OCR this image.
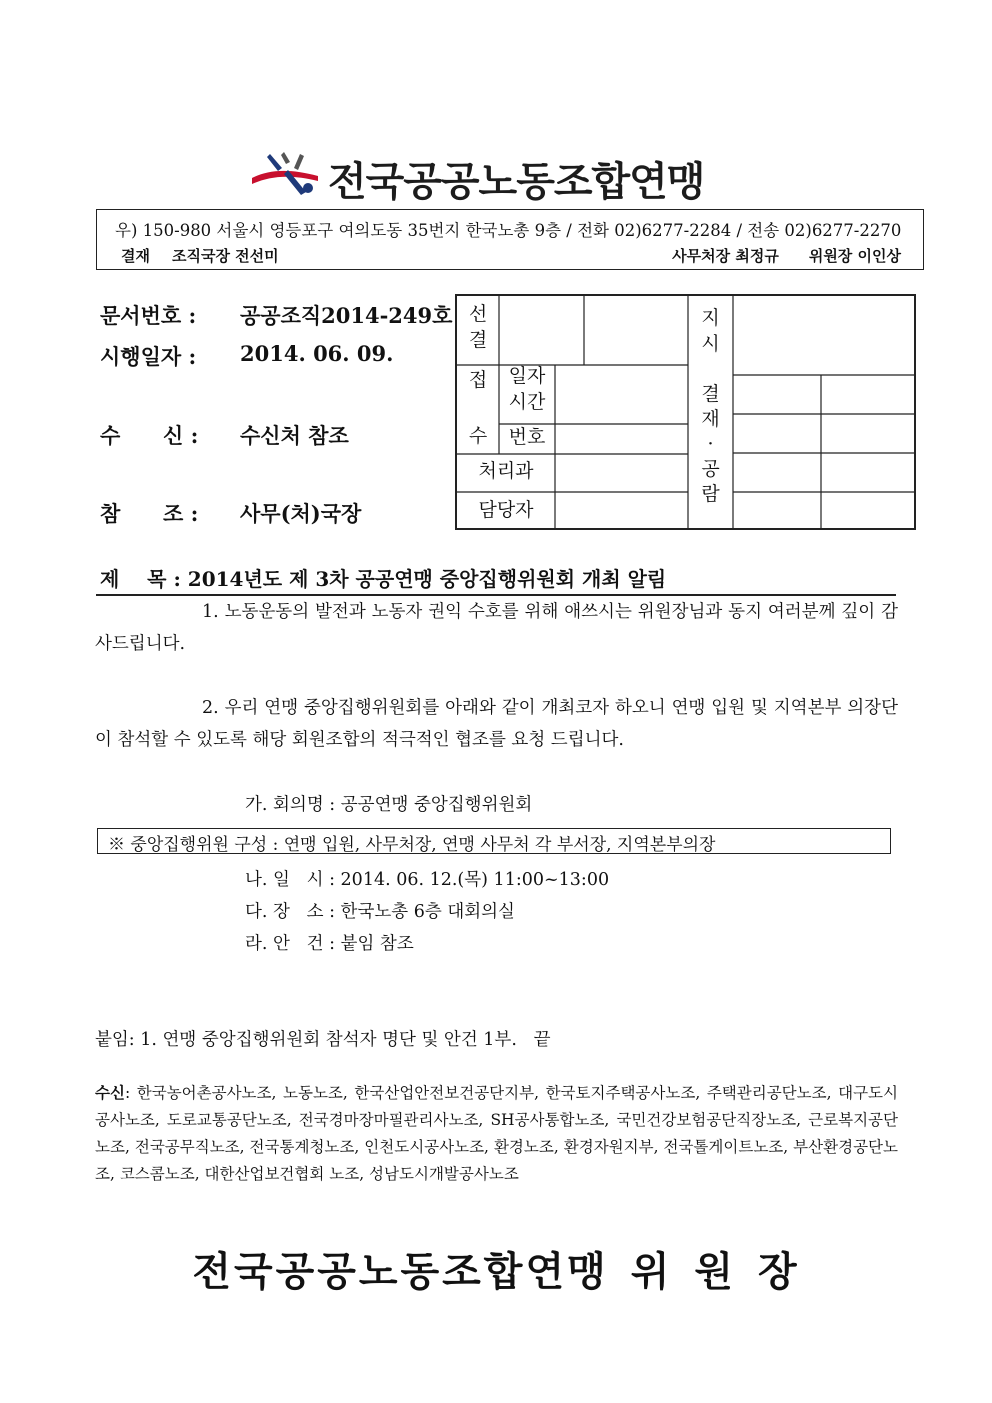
전국공공노동조합연맹
우) 150-980 서울시 영등포구 여의도동 35번지 한국노총 9층 / 전화 02)6277-2284 / 전송 02)6277-2270
결재 조직국장 전선미	사무처장 최정규 위원장 이인상
문서번호 : 공공조직2014-249호
시행일자 : 2014. 06. 09.
수 신 : 수신처 참조
참 조 : 사무(처)국장
선
결
접
수
일자
시간
번호
처리과
담당자
지
시
결
재
·
공
람
제    목 : 2014년도 제 3차 공공연맹 중앙집행위원회 개최 알림
1. 노동운동의 발전과 노동자 권익 수호를 위해 애쓰시는 위원장님과 동지 여러분께 깊이 감사드립니다.
2. 우리 연맹 중앙집행위원회를 아래와 같이 개최코자 하오니 연맹 입원 및 지역본부 의장단이 참석할 수 있도록 해당 회원조합의 적극적인 협조를 요청 드립니다.
가. 회의명 : 공공연맹 중앙집행위원회
※ 중앙집행위원 구성 : 연맹 입원, 사무처장, 연맹 사무처 각 부서장, 지역본부의장
나. 일   시 : 2014. 06. 12.(목) 11:00~13:00
다. 장   소 : 한국노총 6층 대회의실
라. 안   건 : 붙임 참조
붙임: 1. 연맹 중앙집행위원회 참석자 명단 및 안건 1부.   끝
수신: 한국농어촌공사노조, 노동노조, 한국산업안전보건공단지부, 한국토지주택공사노조, 주택관리공단노조, 대구도시공사노조, 도로교통공단노조, 전국경마장마필관리사노조, SH공사통합노조, 국민건강보험공단직장노조, 근로복지공단노조, 전국공무직노조, 전국통계청노조, 인천도시공사노조, 환경노조, 환경자원지부, 전국톨게이트노조, 부산환경공단노조, 코스콤노조, 대한산업보건협회 노조, 성남도시개발공사노조
전국공공노동조합연맹 위 원 장
